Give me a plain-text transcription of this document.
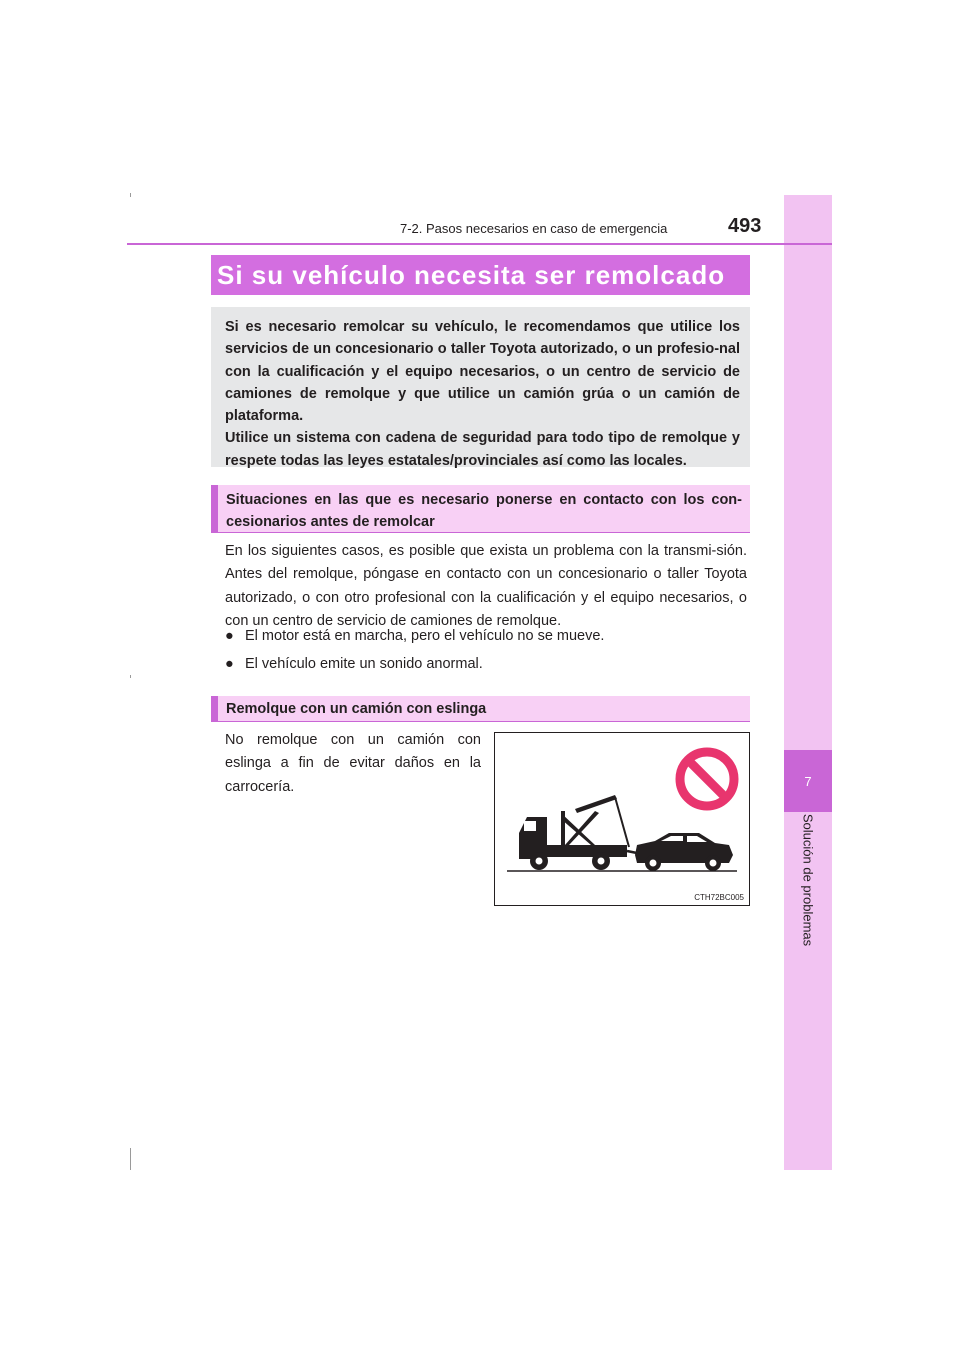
7
Solución de problemas
7-2. Pasos necesarios en caso de emergencia	493
Si su vehículo necesita ser remolcado

Si es necesario remolcar su vehículo, le recomendamos que utilice los servicios de un concesionario o taller Toyota autorizado, o un profesio-nal con la cualificación y el equipo necesarios, o un centro de servicio de camiones de remolque y que utilice un camión grúa o un camión de plataforma.

Utilice un sistema con cadena de seguridad para todo tipo de remolque y respete todas las leyes estatales/provinciales así como las locales.

Situaciones en las que es necesario ponerse en contacto con los con-cesionarios antes de remolcar

En los siguientes casos, es posible que exista un problema con la transmi-sión. Antes del remolque, póngase en contacto con un concesionario o taller Toyota autorizado, o con otro profesional con la cualificación y el equipo necesarios, o con un centro de servicio de camiones de remolque.

● El motor está en marcha, pero el vehículo no se mueve.
● El vehículo emite un sonido anormal.
Remolque con un camión con eslinga

No remolque con un camión con eslinga a fin de evitar daños en la carrocería.

CTH72BC005
